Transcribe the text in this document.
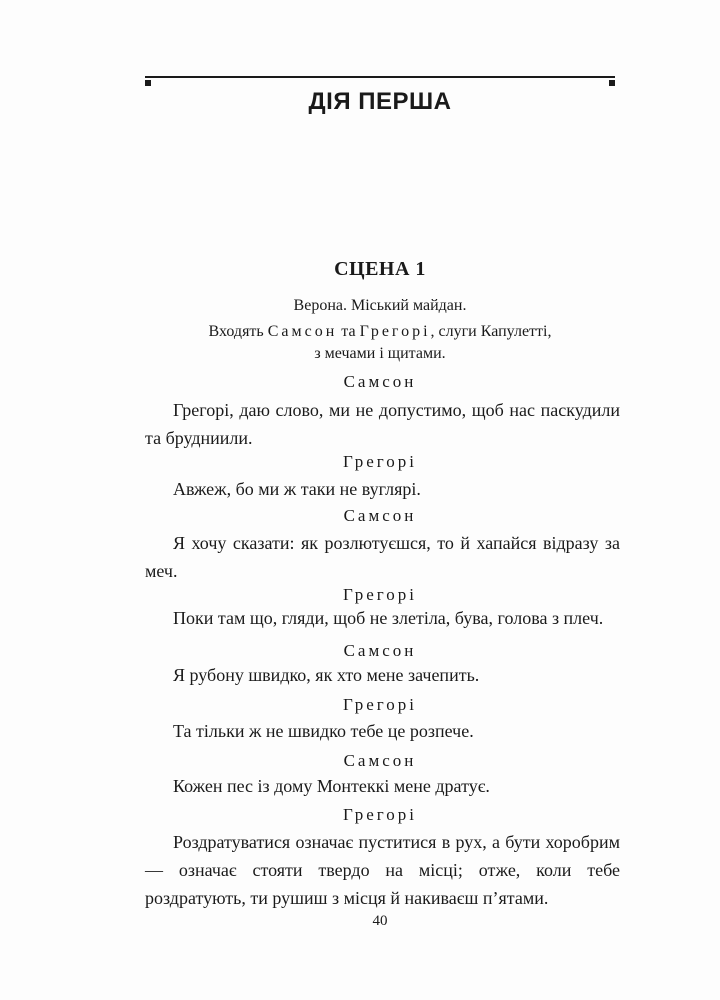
ДІЯ ПЕРША
СЦЕНА 1
Верона. Міський майдан.
Входять Самсон та Грегорі, слуги Капулетті,
з мечами і щитами.
Самсон
Грегорі, даю слово, ми не допустимо, щоб нас паскудили та брудниили.
Грегорі
Авжеж, бо ми ж таки не вуглярі.
Самсон
Я хочу сказати: як розлютуєшся, то й хапайся відразу за меч.
Грегорі
Поки там що, гляди, щоб не злетіла, бува, голова з плеч.
Самсон
Я рубону швидко, як хто мене зачепить.
Грегорі
Та тільки ж не швидко тебе це розпече.
Самсон
Кожен пес із дому Монтеккі мене дратує.
Грегорі
Роздратуватися означає пуститися в рух, а бути хоробрим — означає стояти твердо на місці; отже, коли тебе роздратують, ти рушиш з місця й накиваєш п’ятами.
40
